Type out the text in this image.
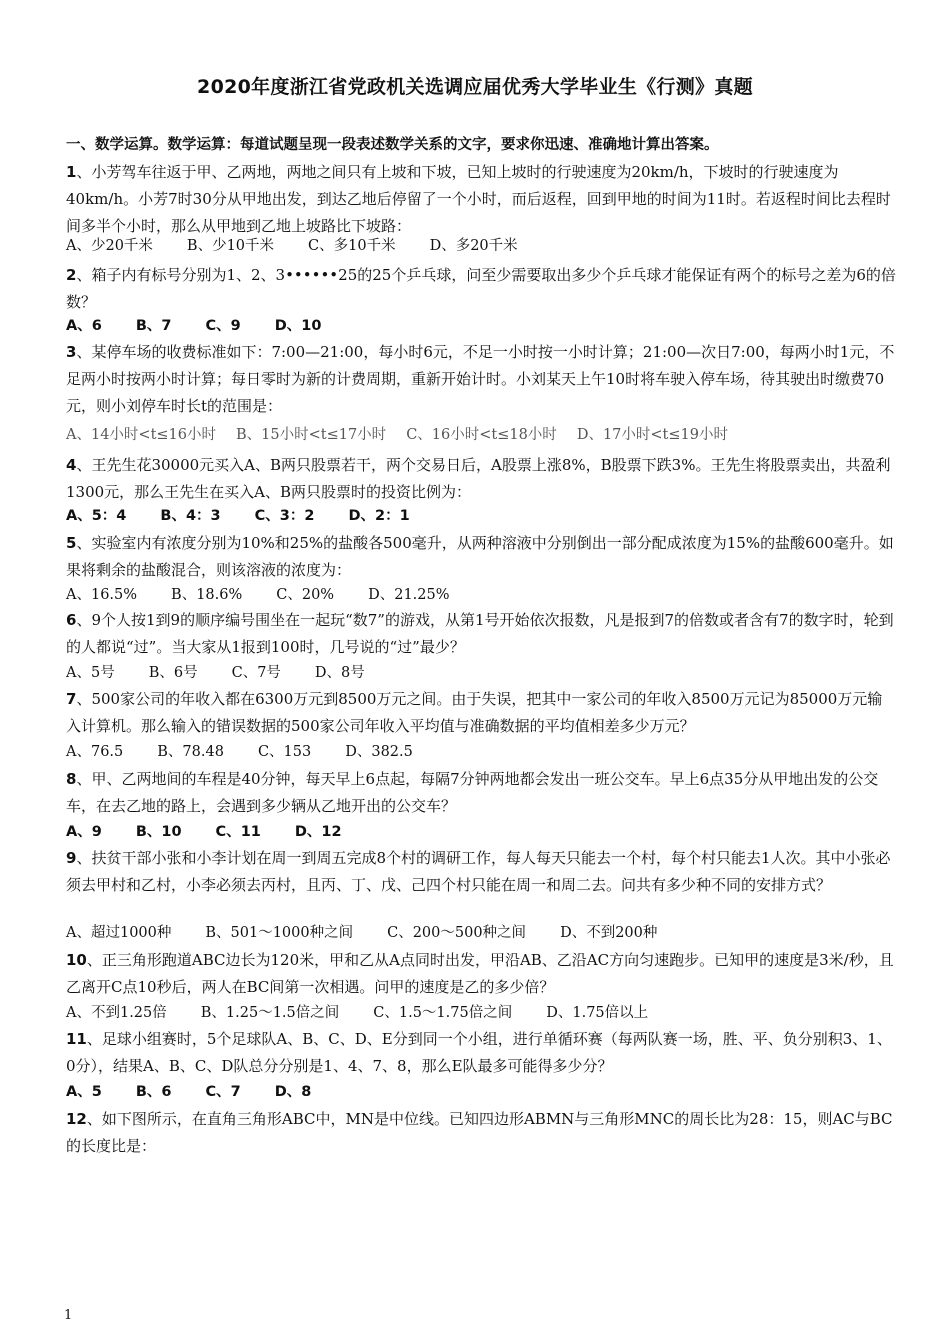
2020年度浙江省党政机关选调应届优秀大学毕业生《行测》真题
一、数学运算。数学运算：每道试题呈现一段表述数学关系的文字，要求你迅速、准确地计算出答案。
1、小芳驾车往返于甲、乙两地，两地之间只有上坡和下坡，已知上坡时的行驶速度为20km/h，下坡时的行驶速度为40km/h。小芳7时30分从甲地出发，到达乙地后停留了一个小时，而后返程，回到甲地的时间为11时。若返程时间比去程时间多半个小时，那么从甲地到乙地上坡路比下坡路：
A、少20千米 B、少10千米 C、多10千米 D、多20千米
2、箱子内有标号分别为1、2、3••••••25的25个乒乓球，问至少需要取出多少个乒乓球才能保证有两个的标号之差为6的倍数？
A、6 B、7 C、9 D、10
3、某停车场的收费标准如下：7:00—21:00，每小时6元，不足一小时按一小时计算；21:00—次日7:00，每两小时1元，不足两小时按两小时计算；每日零时为新的计费周期，重新开始计时。小刘某天上午10时将车驶入停车场，待其驶出时缴费70元，则小刘停车时长t的范围是：
A、14小时<t≤16小时 B、15小时<t≤17小时 C、16小时<t≤18小时 D、17小时<t≤19小时
4、王先生花30000元买入A、B两只股票若干，两个交易日后，A股票上涨8%，B股票下跌3%。王先生将股票卖出，共盈利1300元，那么王先生在买入A、B两只股票时的投资比例为：
A、5：4 B、4：3 C、3：2 D、2：1
5、实验室内有浓度分别为10%和25%的盐酸各500毫升，从两种溶液中分别倒出一部分配成浓度为15%的盐酸600毫升。如果将剩余的盐酸混合，则该溶液的浓度为：
A、16.5% B、18.6% C、20% D、21.25%
6、9个人按1到9的顺序编号围坐在一起玩“数7”的游戏，从第1号开始依次报数，凡是报到7的倍数或者含有7的数字时，轮到的人都说“过”。当大家从1报到100时，几号说的“过”最少？
A、5号 B、6号 C、7号 D、8号
7、500家公司的年收入都在6300万元到8500万元之间。由于失误，把其中一家公司的年收入8500万元记为85000万元输入计算机。那么输入的错误数据的500家公司年收入平均值与准确数据的平均值相差多少万元？
A、76.5 B、78.48 C、153 D、382.5
8、甲、乙两地间的车程是40分钟，每天早上6点起，每隔7分钟两地都会发出一班公交车。早上6点35分从甲地出发的公交车，在去乙地的路上，会遇到多少辆从乙地开出的公交车？
A、9 B、10 C、11 D、12
9、扶贫干部小张和小李计划在周一到周五完成8个村的调研工作，每人每天只能去一个村，每个村只能去1人次。其中小张必须去甲村和乙村，小李必须去丙村，且丙、丁、戊、己四个村只能在周一和周二去。问共有多少种不同的安排方式？
A、超过1000种 B、501～1000种之间 C、200～500种之间 D、不到200种
10、正三角形跑道ABC边长为120米，甲和乙从A点同时出发，甲沿AB、乙沿AC方向匀速跑步。已知甲的速度是3米/秒，且乙离开C点10秒后，两人在BC间第一次相遇。问甲的速度是乙的多少倍？
A、不到1.25倍 B、1.25～1.5倍之间 C、1.5～1.75倍之间 D、1.75倍以上
11、足球小组赛时，5个足球队A、B、C、D、E分到同一个小组，进行单循环赛（每两队赛一场，胜、平、负分别积3、1、0分），结果A、B、C、D队总分分别是1、4、7、8，那么E队最多可能得多少分？
A、5 B、6 C、7 D、8
12、如下图所示，在直角三角形ABC中，MN是中位线。已知四边形ABMN与三角形MNC的周长比为28：15，则AC与BC的长度比是：
1
